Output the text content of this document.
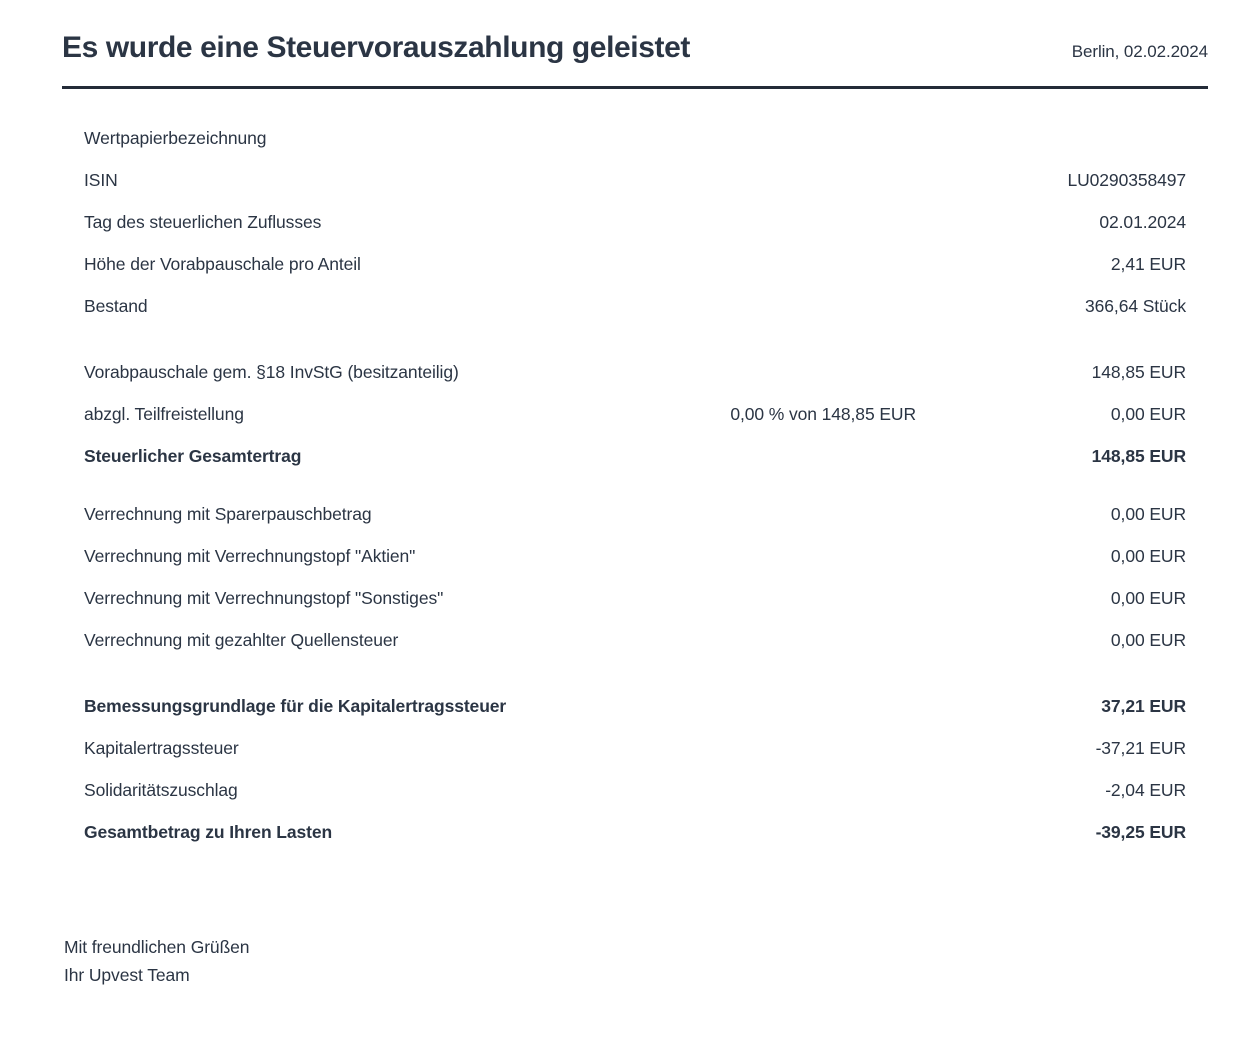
Es wurde eine Steuervorauszahlung geleistet	Berlin, 02.02.2024
Wertpapierbezeichnung
ISIN	LU0290358497
Tag des steuerlichen Zuflusses	02.01.2024
Höhe der Vorabpauschale pro Anteil	2,41 EUR
Bestand	366,64 Stück
Vorabpauschale gem. §18 InvStG (besitzanteilig)	148,85 EUR
abzgl. Teilfreistellung	0,00 % von 148,85 EUR	0,00 EUR
Steuerlicher Gesamtertrag	148,85 EUR
Verrechnung mit Sparerpauschbetrag	0,00 EUR
Verrechnung mit Verrechnungstopf "Aktien"	0,00 EUR
Verrechnung mit Verrechnungstopf "Sonstiges"	0,00 EUR
Verrechnung mit gezahlter Quellensteuer	0,00 EUR
Bemessungsgrundlage für die Kapitalertragssteuer	37,21 EUR
Kapitalertragssteuer	-37,21 EUR
Solidaritätszuschlag	-2,04 EUR
Gesamtbetrag zu Ihren Lasten	-39,25 EUR
Mit freundlichen Grüßen
Ihr Upvest Team
